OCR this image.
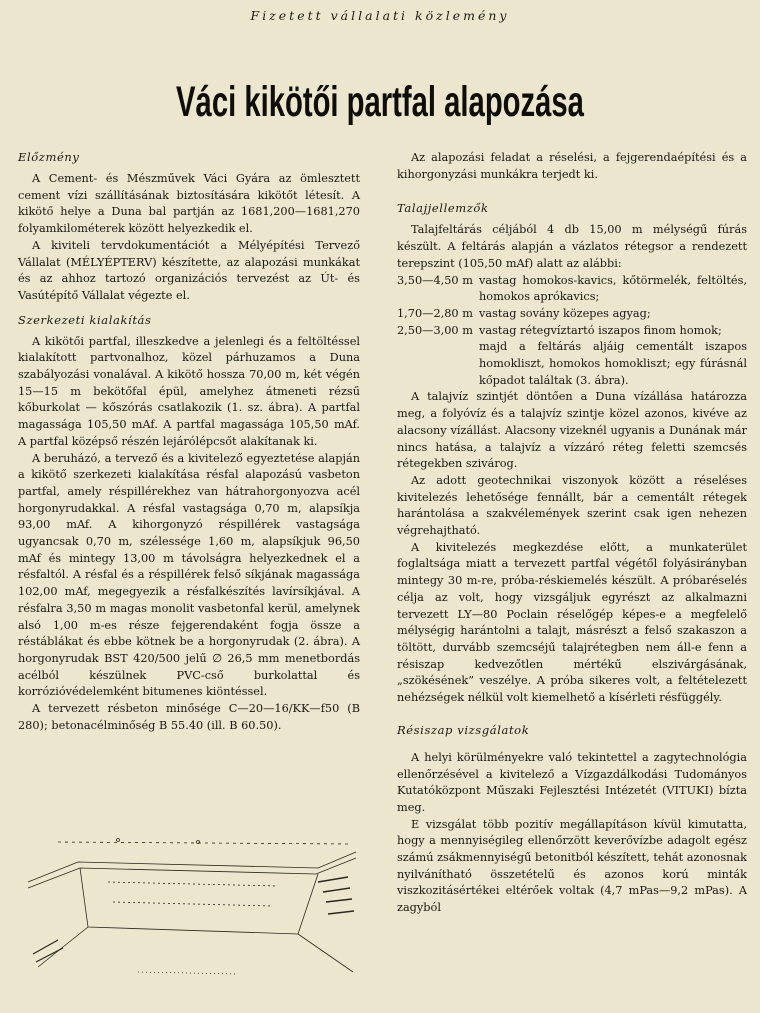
Fizetett vállalati közlemény
Váci kikötői partfal alapozása
Előzmény

A Cement- és Mészművek Váci Gyára az ömlesztett cement vízi szállításának biztosítására kikötőt létesít. A kikötő helye a Duna bal partján az 1681,200—1681,270 folyamkilométerek között helyezkedik el.

A kiviteli tervdokumentációt a Mélyépítési Tervező Vállalat (MÉLYÉPTERV) készítette, az alapozási munkákat és az ahhoz tartozó organizációs tervezést az Út- és Vasútépítő Vállalat végezte el.

Szerkezeti kialakítás

A kikötői partfal, illeszkedve a jelenlegi és a feltöltéssel kialakított partvonalhoz, közel párhuzamos a Duna szabályozási vonalával. A kikötő hossza 70,00 m, két végén 15—15 m bekötőfal épül, amelyhez átmeneti rézsű kőburkolat — kőszórás csatlakozik (1. sz. ábra). A partfal magassága 105,50 mAf. A partfal magassága 105,50 mAf. A partfal középső részén lejárólépcsőt alakítanak ki.

A beruházó, a tervező és a kivitelező egyeztetése alapján a kikötő szerkezeti kialakítása résfal alapozású vasbeton partfal, amely réspillérekhez van hátrahorgonyozva acél horgonyrudakkal. A résfal vastagsága 0,70 m, alapsíkja 93,00 mAf. A kihorgonyzó réspillérek vastagsága ugyancsak 0,70 m, szélessége 1,60 m, alapsíkjuk 96,50 mAf és mintegy 13,00 m távolságra helyezkednek el a résfaltól. A résfal és a réspillérek felső síkjának magassága 102,00 mAf, megegyezik a résfalkészítés lavírsíkjával. A résfalra 3,50 m magas monolit vasbetonfal kerül, amelynek alsó 1,00 m-es része fejgerendaként fogja össze a réstáblákat és ebbe kötnek be a horgonyrudak (2. ábra). A horgonyrudak BST 420/500 jelű ∅ 26,5 mm menetbordás acélból készülnek PVC-cső burkolattal és korrózióvédelemként bitumenes kiöntéssel.

A tervezett résbeton minősége C—20—16/KK—f50 (B 280); betonacélminőség B 55.40 (ill. B 60.50).

Az alapozási feladat a réselési, a fejgerendaépítési és a kihorgonyzási munkákra terjedt ki.

Talajjellemzők

Talajfeltárás céljából 4 db 15,00 m mélységű fúrás készült. A feltárás alapján a vázlatos rétegsor a rendezett terepszint (105,50 mAf) alatt az alábbi:

3,50—4,50 m vastag homokos-kavics, kőtörmelék, feltöltés, homokos aprókavics;
1,70—2,80 m vastag sovány közepes agyag;
2,50—3,00 m vastag rétegvíztartó iszapos finom homok;
majd a feltárás aljáig cementált iszapos homokliszt, homokos homokliszt; egy fúrásnál kőpadot találtak (3. ábra).

A talajvíz szintjét döntően a Duna vízállása határozza meg, a folyóvíz és a talajvíz szintje közel azonos, kivéve az alacsony vízállást. Alacsony vizeknél ugyanis a Dunának már nincs hatása, a talajvíz a vízzáró réteg feletti szemcsés rétegekben szivárog.

Az adott geotechnikai viszonyok között a réseléses kivitelezés lehetősége fennállt, bár a cementált rétegek harántolása a szakvélemények szerint csak igen nehezen végrehajtható.

A kivitelezés megkezdése előtt, a munkaterület foglaltsága miatt a tervezett partfal végétől folyásirányban mintegy 30 m-re, próba-réskiemelés készült. A próbaréselés célja az volt, hogy vizsgáljuk egyrészt az alkalmazni tervezett LY—80 Poclain réselőgép képes-e a megfelelő mélységig harántolni a talajt, másrészt a felső szakaszon a töltött, durvább szemcséjű talajrétegben nem áll-e fenn a résiszap kedvezőtlen mértékű elszivárgásának, „szökésének” veszélye. A próba sikeres volt, a feltételezett nehézségek nélkül volt kiemelhető a kísérleti résfüggély.

Résiszap vizsgálatok

A helyi körülményekre való tekintettel a zagytechnológia ellenőrzésével a kivitelező a Vízgazdálkodási Tudományos Kutatóközpont Műszaki Fejlesztési Intézetét (VITUKI) bízta meg.

E vizsgálat több pozitív megállapításon kívül kimutatta, hogy a mennyiségileg ellenőrzött keverővízbe adagolt egész számú zsákmennyiségű betonitból készített, tehát azonosnak nyilvánítható összetételű és azonos korú minták viszkozitásértékei eltérőek voltak (4,7 mPas—9,2 mPas). A zagyból
